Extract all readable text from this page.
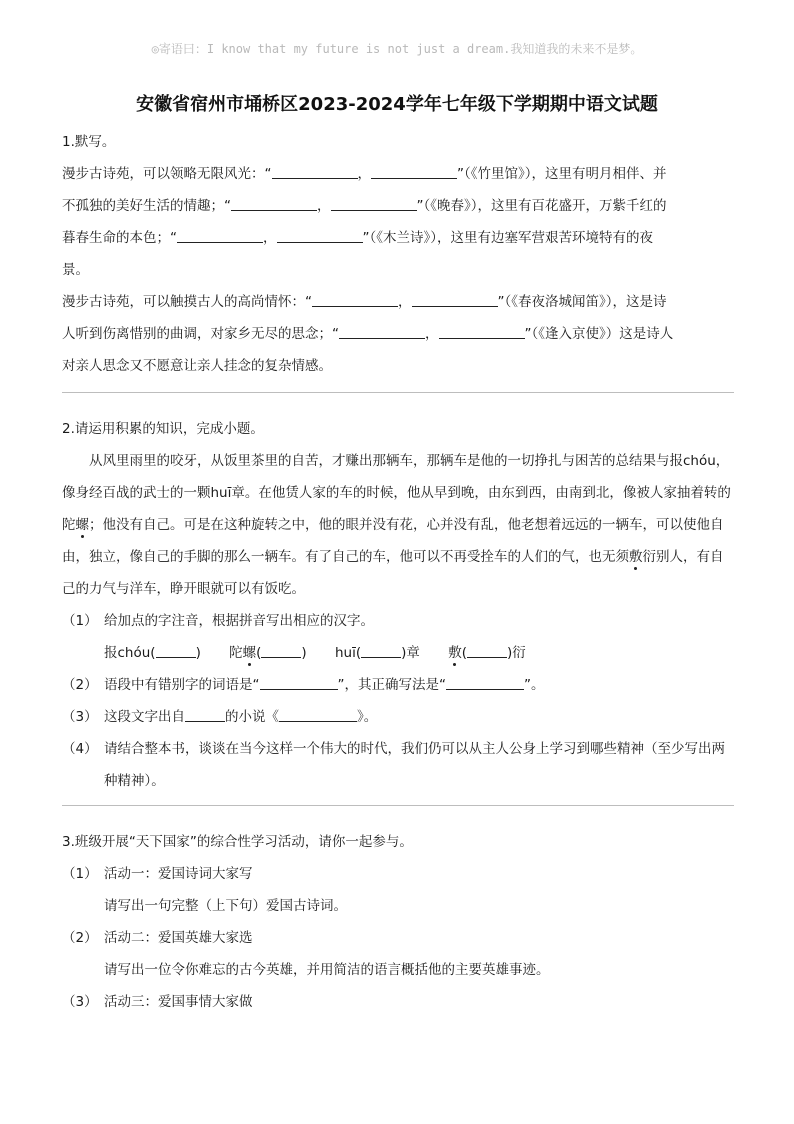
◎寄语曰：I know that my future is not just a dream.我知道我的未来不是梦。
安徽省宿州市埇桥区2023-2024学年七年级下学期期中语文试题

1.默写。

漫步古诗苑，可以领略无限风光：“	，	”（《竹里馆》），这里有明月相伴、并
不孤独的美好生活的情趣；“	，	”（《晚春》），这里有百花盛开，万紫千红的
暮春生命的本色；“	，	”（《木兰诗》），这里有边塞军营艰苦环境特有的夜
景。
漫步古诗苑，可以触摸古人的高尚情怀：“	，	”（《春夜洛城闻笛》），这是诗
人听到伤离惜别的曲调，对家乡无尽的思念；“	，	”（《逢入京使》）这是诗人
对亲人思念又不愿意让亲人挂念的复杂情感。

2.请运用积累的知识，完成小题。

从风里雨里的咬牙，从饭里茶里的自苦，才赚出那辆车，那辆车是他的一切挣扎与困苦的总结果与报chóu，像身经百战的武士的一颗huī章。在他赁人家的车的时候，他从早到晚，由东到西，由南到北，像被人家抽着转的陀螺；他没有自己。可是在这种旋转之中，他的眼并没有花，心并没有乱，他老想着远远的一辆车，可以使他自由，独立，像自己的手脚的那么一辆车。有了自己的车，他可以不再受拴车的人们的气，也无须敷衍别人，有自己的力气与洋车，睁开眼就可以有饭吃。

（1） 给加点的字注音，根据拼音写出相应的汉字。
报chóu(	) 陀螺(	) huī(	)章 敷(	)衍
（2） 语段中有错别字的词语是“	”，其正确写法是“	”。
（3） 这段文字出自	的小说《	》。
（4） 请结合整本书，谈谈在当今这样一个伟大的时代，我们仍可以从主人公身上学习到哪些精神（至少写出两种精神）。

3.班级开展“天下国家”的综合性学习活动，请你一起参与。

（1） 活动一：爱国诗词大家写

请写出一句完整（上下句）爱国古诗词。

（2） 活动二：爱国英雄大家选

请写出一位令你难忘的古今英雄，并用简洁的语言概括他的主要英雄事迹。

（3） 活动三：爱国事情大家做
